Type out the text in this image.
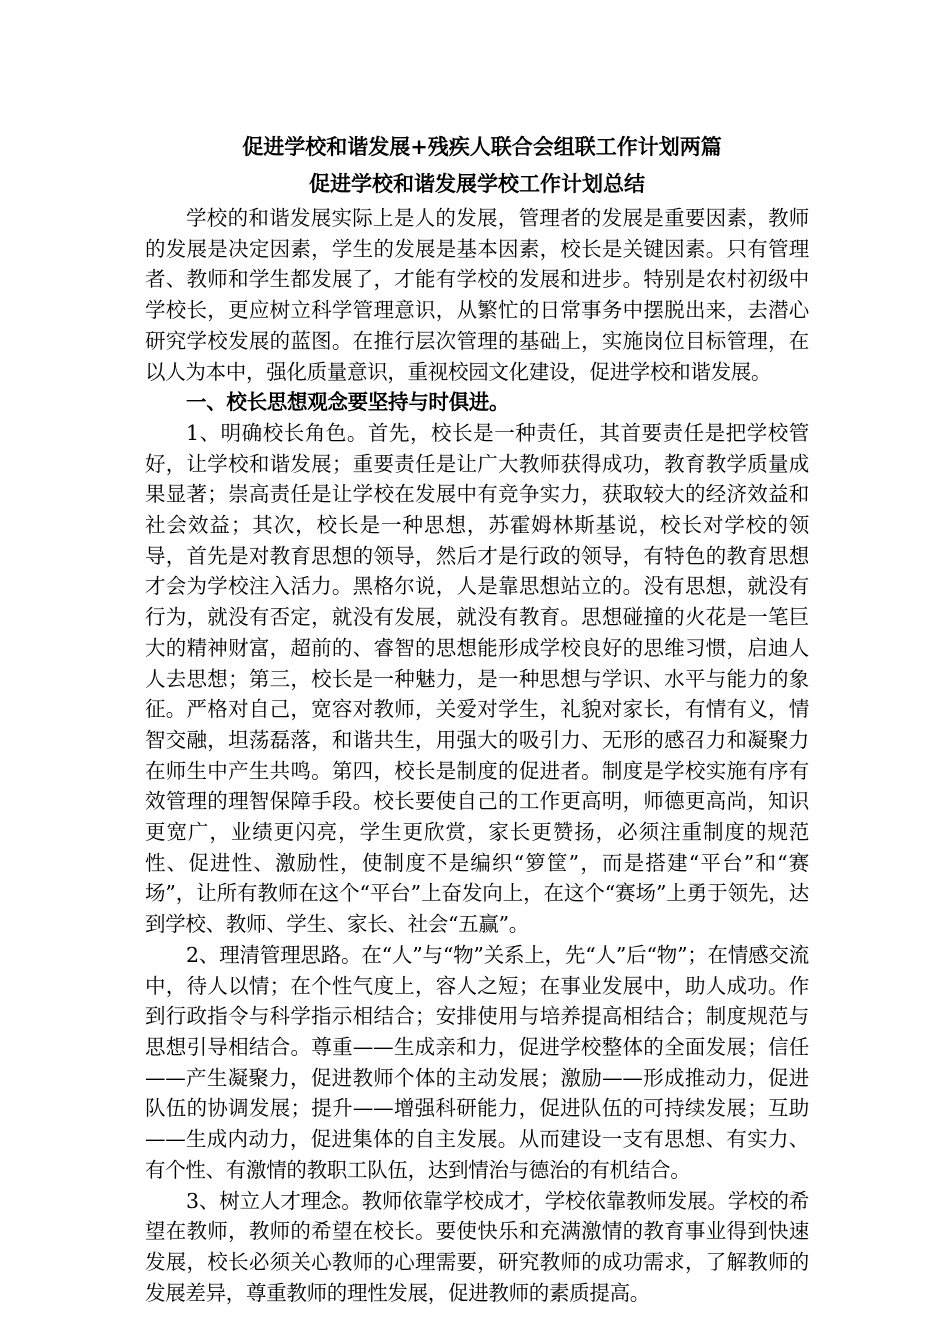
促进学校和谐发展+残疾人联合会组联工作计划两篇
促进学校和谐发展学校工作计划总结

学校的和谐发展实际上是人的发展，管理者的发展是重要因素，教师的发展是决定因素，学生的发展是基本因素，校长是关键因素。只有管理者、教师和学生都发展了，才能有学校的发展和进步。特别是农村初级中学校长，更应树立科学管理意识，从繁忙的日常事务中摆脱出来，去潜心研究学校发展的蓝图。在推行层次管理的基础上，实施岗位目标管理，在以人为本中，强化质量意识，重视校园文化建设，促进学校和谐发展。

一、校长思想观念要坚持与时俱进。

1、明确校长角色。首先，校长是一种责任，其首要责任是把学校管好，让学校和谐发展；重要责任是让广大教师获得成功，教育教学质量成果显著；崇高责任是让学校在发展中有竞争实力，获取较大的经济效益和社会效益；其次，校长是一种思想，苏霍姆林斯基说，校长对学校的领导，首先是对教育思想的领导，然后才是行政的领导，有特色的教育思想才会为学校注入活力。黑格尔说，人是靠思想站立的。没有思想，就没有行为，就没有否定，就没有发展，就没有教育。思想碰撞的火花是一笔巨大的精神财富，超前的、睿智的思想能形成学校良好的思维习惯，启迪人人去思想；第三，校长是一种魅力，是一种思想与学识、水平与能力的象征。严格对自己，宽容对教师，关爱对学生，礼貌对家长，有情有义，情智交融，坦荡磊落，和谐共生，用强大的吸引力、无形的感召力和凝聚力在师生中产生共鸣。第四，校长是制度的促进者。制度是学校实施有序有效管理的理智保障手段。校长要使自己的工作更高明，师德更高尚，知识更宽广，业绩更闪亮，学生更欣赏，家长更赞扬，必须注重制度的规范性、促进性、激励性，使制度不是编织“箩筐”，而是搭建“平台”和“赛场”，让所有教师在这个“平台”上奋发向上，在这个“赛场”上勇于领先，达到学校、教师、学生、家长、社会“五赢”。

2、理清管理思路。在“人”与“物”关系上，先“人”后“物”；在情感交流中，待人以情；在个性气度上，容人之短；在事业发展中，助人成功。作到行政指令与科学指示相结合；安排使用与培养提高相结合；制度规范与思想引导相结合。尊重——生成亲和力，促进学校整体的全面发展；信任——产生凝聚力，促进教师个体的主动发展；激励——形成推动力，促进队伍的协调发展；提升——增强科研能力，促进队伍的可持续发展；互助——生成内动力，促进集体的自主发展。从而建设一支有思想、有实力、有个性、有激情的教职工队伍，达到情治与德治的有机结合。

3、树立人才理念。教师依靠学校成才，学校依靠教师发展。学校的希望在教师，教师的希望在校长。要使快乐和充满激情的教育事业得到快速发展，校长必须关心教师的心理需要，研究教师的成功需求，了解教师的发展差异，尊重教师的理性发展，促进教师的素质提高。
